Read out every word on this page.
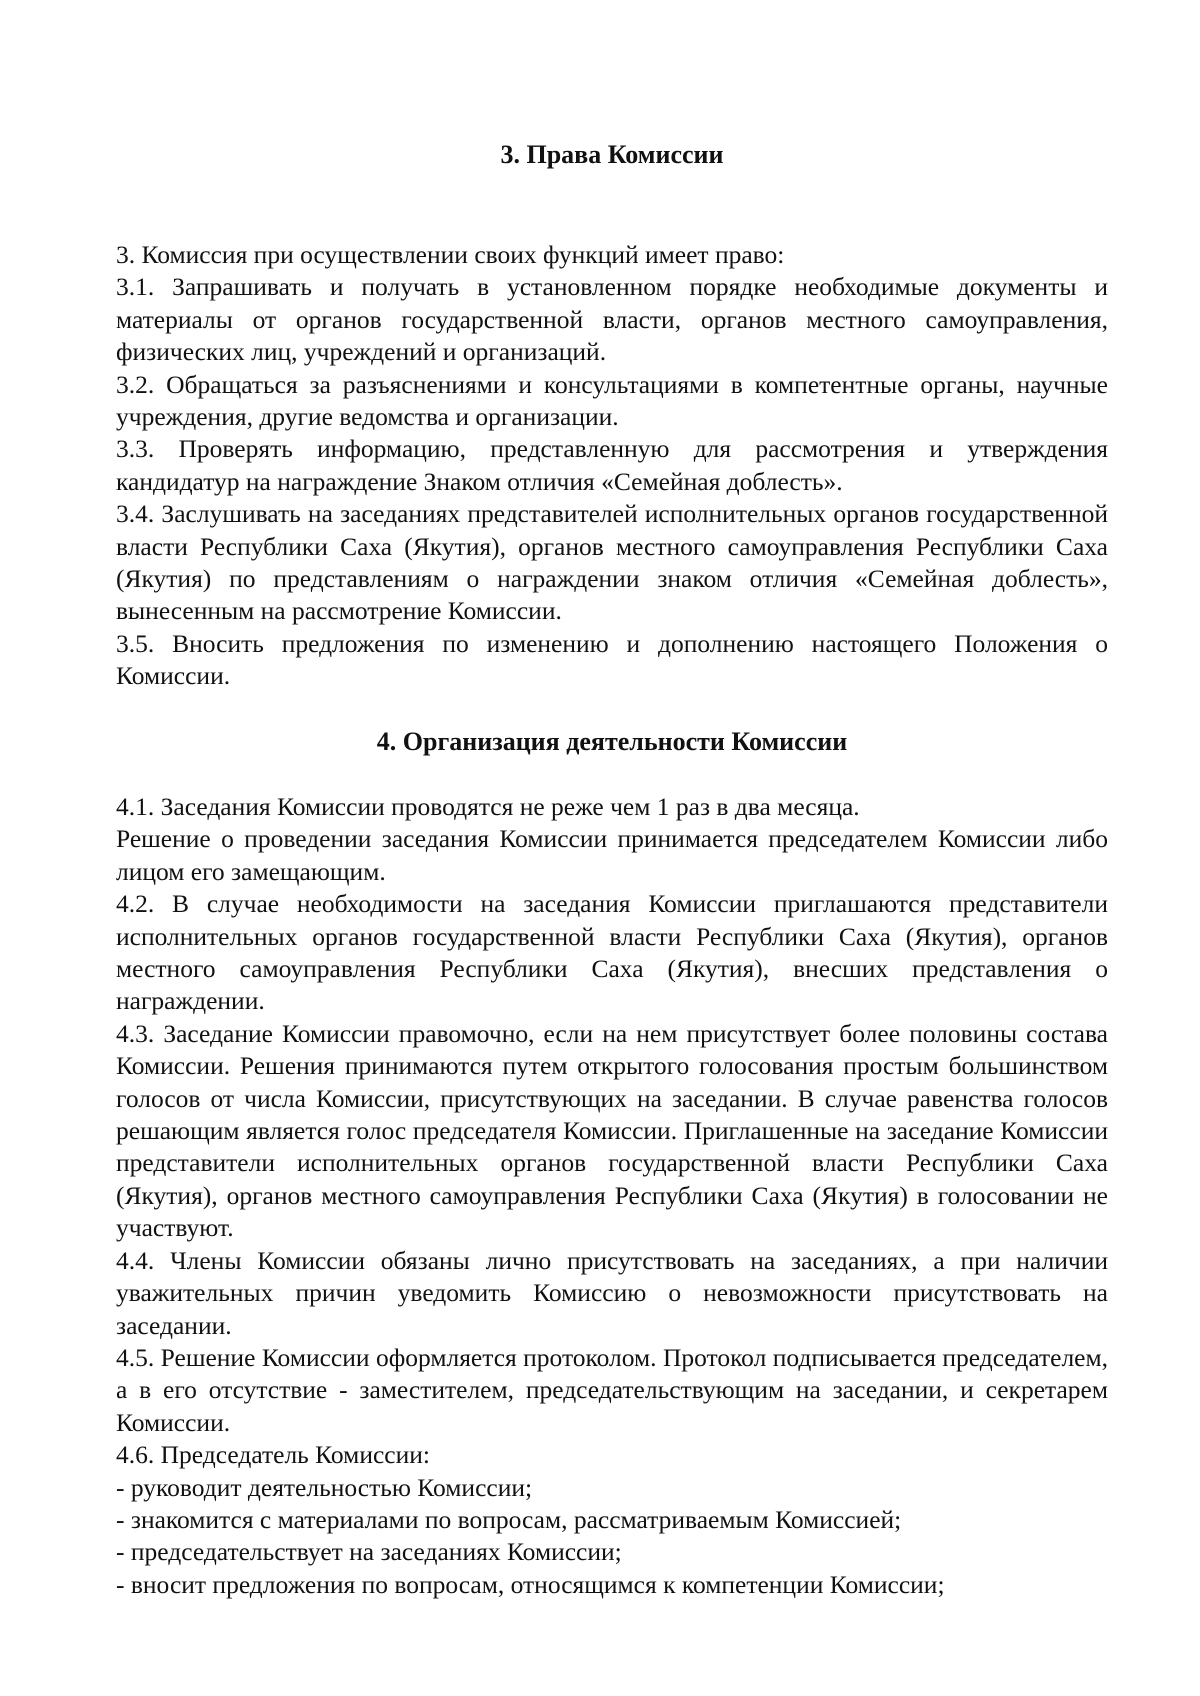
3. Права Комиссии

3. Комиссия при осуществлении своих функций имеет право:

3.1. Запрашивать и получать в установленном порядке необходимые документы и материалы от органов государственной власти, органов местного самоуправления, физических лиц, учреждений и организаций.

3.2. Обращаться за разъяснениями и консультациями в компетентные органы, научные учреждения, другие ведомства и организации.

3.3. Проверять информацию, представленную для рассмотрения и утверждения кандидатур на награждение Знаком отличия «Семейная доблесть».

3.4. Заслушивать на заседаниях представителей исполнительных органов государственной власти Республики Саха (Якутия), органов местного самоуправления Республики Саха (Якутия) по представлениям о награждении знаком отличия «Семейная доблесть», вынесенным на рассмотрение Комиссии.

3.5. Вносить предложения по изменению и дополнению настоящего Положения о Комиссии.

4. Организация деятельности Комиссии

4.1. Заседания Комиссии проводятся не реже чем 1 раз в два месяца.

Решение о проведении заседания Комиссии принимается председателем Комиссии либо лицом его замещающим.

4.2. В случае необходимости на заседания Комиссии приглашаются представители исполнительных органов государственной власти Республики Саха (Якутия), органов местного самоуправления Республики Саха (Якутия), внесших представления о награждении.

4.3. Заседание Комиссии правомочно, если на нем присутствует более половины состава Комиссии. Решения принимаются путем открытого голосования простым большинством голосов от числа Комиссии, присутствующих на заседании. В случае равенства голосов решающим является голос председателя Комиссии. Приглашенные на заседание Комиссии представители исполнительных органов государственной власти Республики Саха (Якутия), органов местного самоуправления Республики Саха (Якутия) в голосовании не участвуют.

4.4. Члены Комиссии обязаны лично присутствовать на заседаниях, а при наличии уважительных причин уведомить Комиссию о невозможности присутствовать на заседании.

4.5. Решение Комиссии оформляется протоколом. Протокол подписывается председателем, а в его отсутствие - заместителем, председательствующим на заседании, и секретарем Комиссии.

4.6. Председатель Комиссии:

- руководит деятельностью Комиссии;

- знакомится с материалами по вопросам, рассматриваемым Комиссией;

- председательствует на заседаниях Комиссии;

- вносит предложения по вопросам, относящимся к компетенции Комиссии;
